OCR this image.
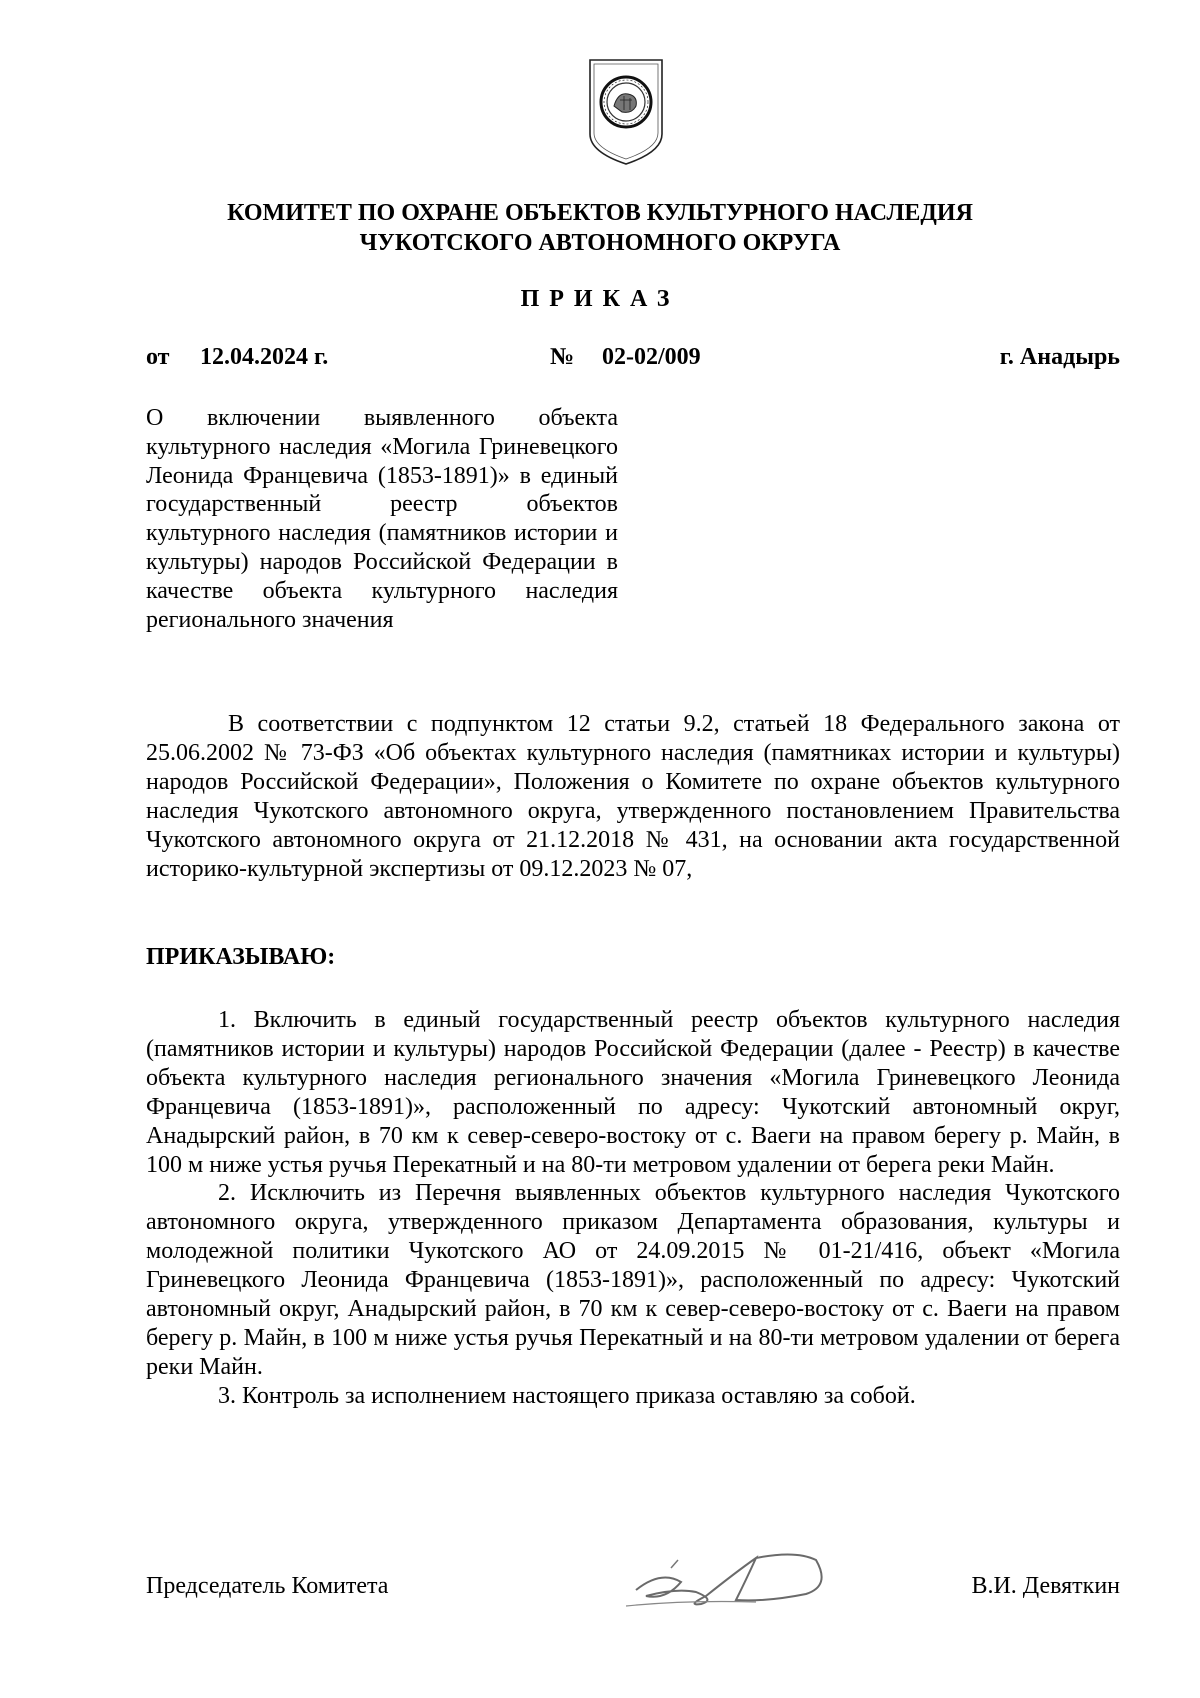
КОМИТЕТ ПО ОХРАНЕ ОБЪЕКТОВ КУЛЬТУРНОГО НАСЛЕДИЯ
ЧУКОТСКОГО АВТОНОМНОГО ОКРУГА
ПРИКАЗ
от 12.04.2024 г.	№ 02-02/009	г. Анадырь
О включении выявленного объекта культурного наследия «Могила Гриневецкого Леонида Францевича (1853-1891)» в единый государственный реестр объектов культурного наследия (памятников истории и культуры) народов Российской Федерации в качестве объекта культурного наследия регионального значения

В соответствии с подпунктом 12 статьи 9.2, статьей 18 Федерального закона от 25.06.2002 № 73-ФЗ «Об объектах культурного наследия (памятниках истории и культуры) народов Российской Федерации», Положения о Комитете по охране объектов культурного наследия Чукотского автономного округа, утвержденного постановлением Правительства Чукотского автономного округа от 21.12.2018 № 431, на основании акта государственной историко-культурной экспертизы от 09.12.2023 № 07,

ПРИКАЗЫВАЮ:

1. Включить в единый государственный реестр объектов культурного наследия (памятников истории и культуры) народов Российской Федерации (далее - Реестр) в качестве объекта культурного наследия регионального значения «Могила Гриневецкого Леонида Францевича (1853-1891)», расположенный по адресу: Чукотский автономный округ, Анадырский район, в 70 км к север-северо-востоку от с. Ваеги на правом берегу р. Майн, в 100 м ниже устья ручья Перекатный и на 80-ти метровом удалении от берега реки Майн.

2. Исключить из Перечня выявленных объектов культурного наследия Чукотского автономного округа, утвержденного приказом Департамента образования, культуры и молодежной политики Чукотского АО от 24.09.2015 № 01-21/416, объект «Могила Гриневецкого Леонида Францевича (1853-1891)», расположенный по адресу: Чукотский автономный округ, Анадырский район, в 70 км к север-северо-востоку от с. Ваеги на правом берегу р. Майн, в 100 м ниже устья ручья Перекатный и на 80-ти метровом удалении от берега реки Майн.

3. Контроль за исполнением настоящего приказа оставляю за собой.

Председатель Комитета	В.И. Девяткин
